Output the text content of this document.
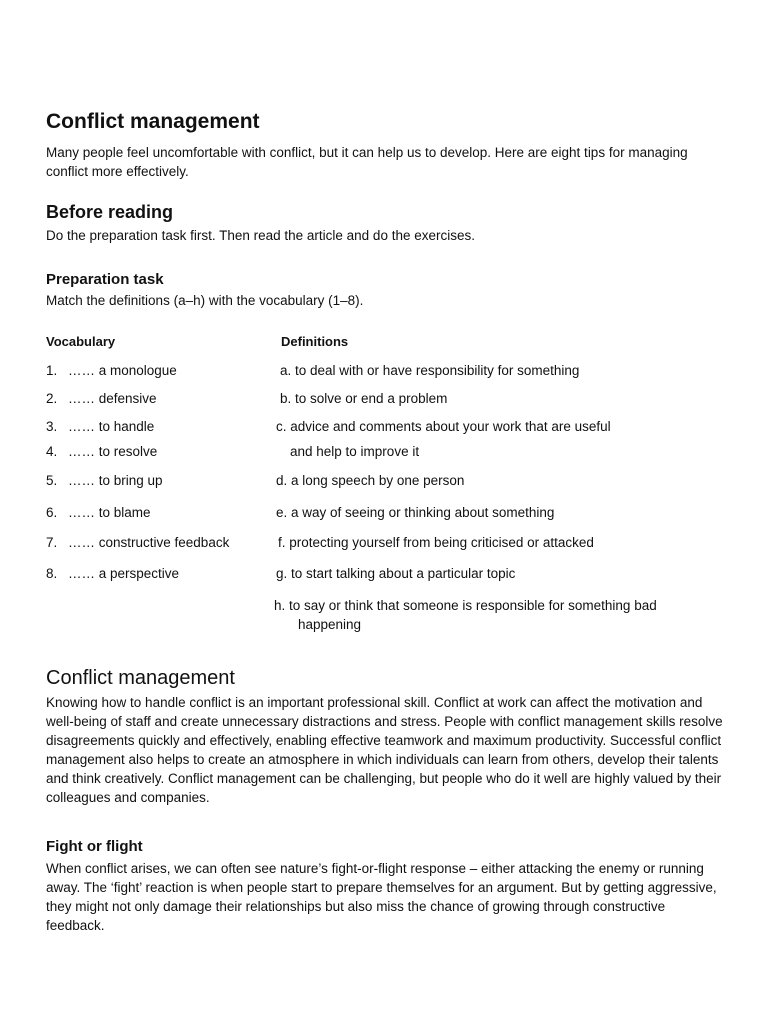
Conflict management
Many people feel uncomfortable with conflict, but it can help us to develop. Here are eight tips for managing conflict more effectively.
Before reading
Do the preparation task first. Then read the article and do the exercises.
Preparation task
Match the definitions (a–h) with the vocabulary (1–8).
Vocabulary	Definitions
1. …… a monologue
2. …… defensive
3. …… to handle
4. …… to resolve
5. …… to bring up
6. …… to blame
7. …… constructive feedback
8. …… a perspective
a. to deal with or have responsibility for something
b. to solve or end a problem
c. advice and comments about your work that are useful
and help to improve it
d. a long speech by one person
e. a way of seeing or thinking about something
f. protecting yourself from being criticised or attacked
g. to start talking about a particular topic
h. to say or think that someone is responsible for something bad
happening
Conflict management
Knowing how to handle conflict is an important professional skill. Conflict at work can affect the motivation and well-being of staff and create unnecessary distractions and stress. People with conflict management skills resolve disagreements quickly and effectively, enabling effective teamwork and maximum productivity. Successful conflict management also helps to create an atmosphere in which individuals can learn from others, develop their talents and think creatively. Conflict management can be challenging, but people who do it well are highly valued by their colleagues and companies.
Fight or flight
When conflict arises, we can often see nature’s fight-or-flight response – either attacking the enemy or running away. The ‘fight’ reaction is when people start to prepare themselves for an argument. But by getting aggressive, they might not only damage their relationships but also miss the chance of growing through constructive feedback.
